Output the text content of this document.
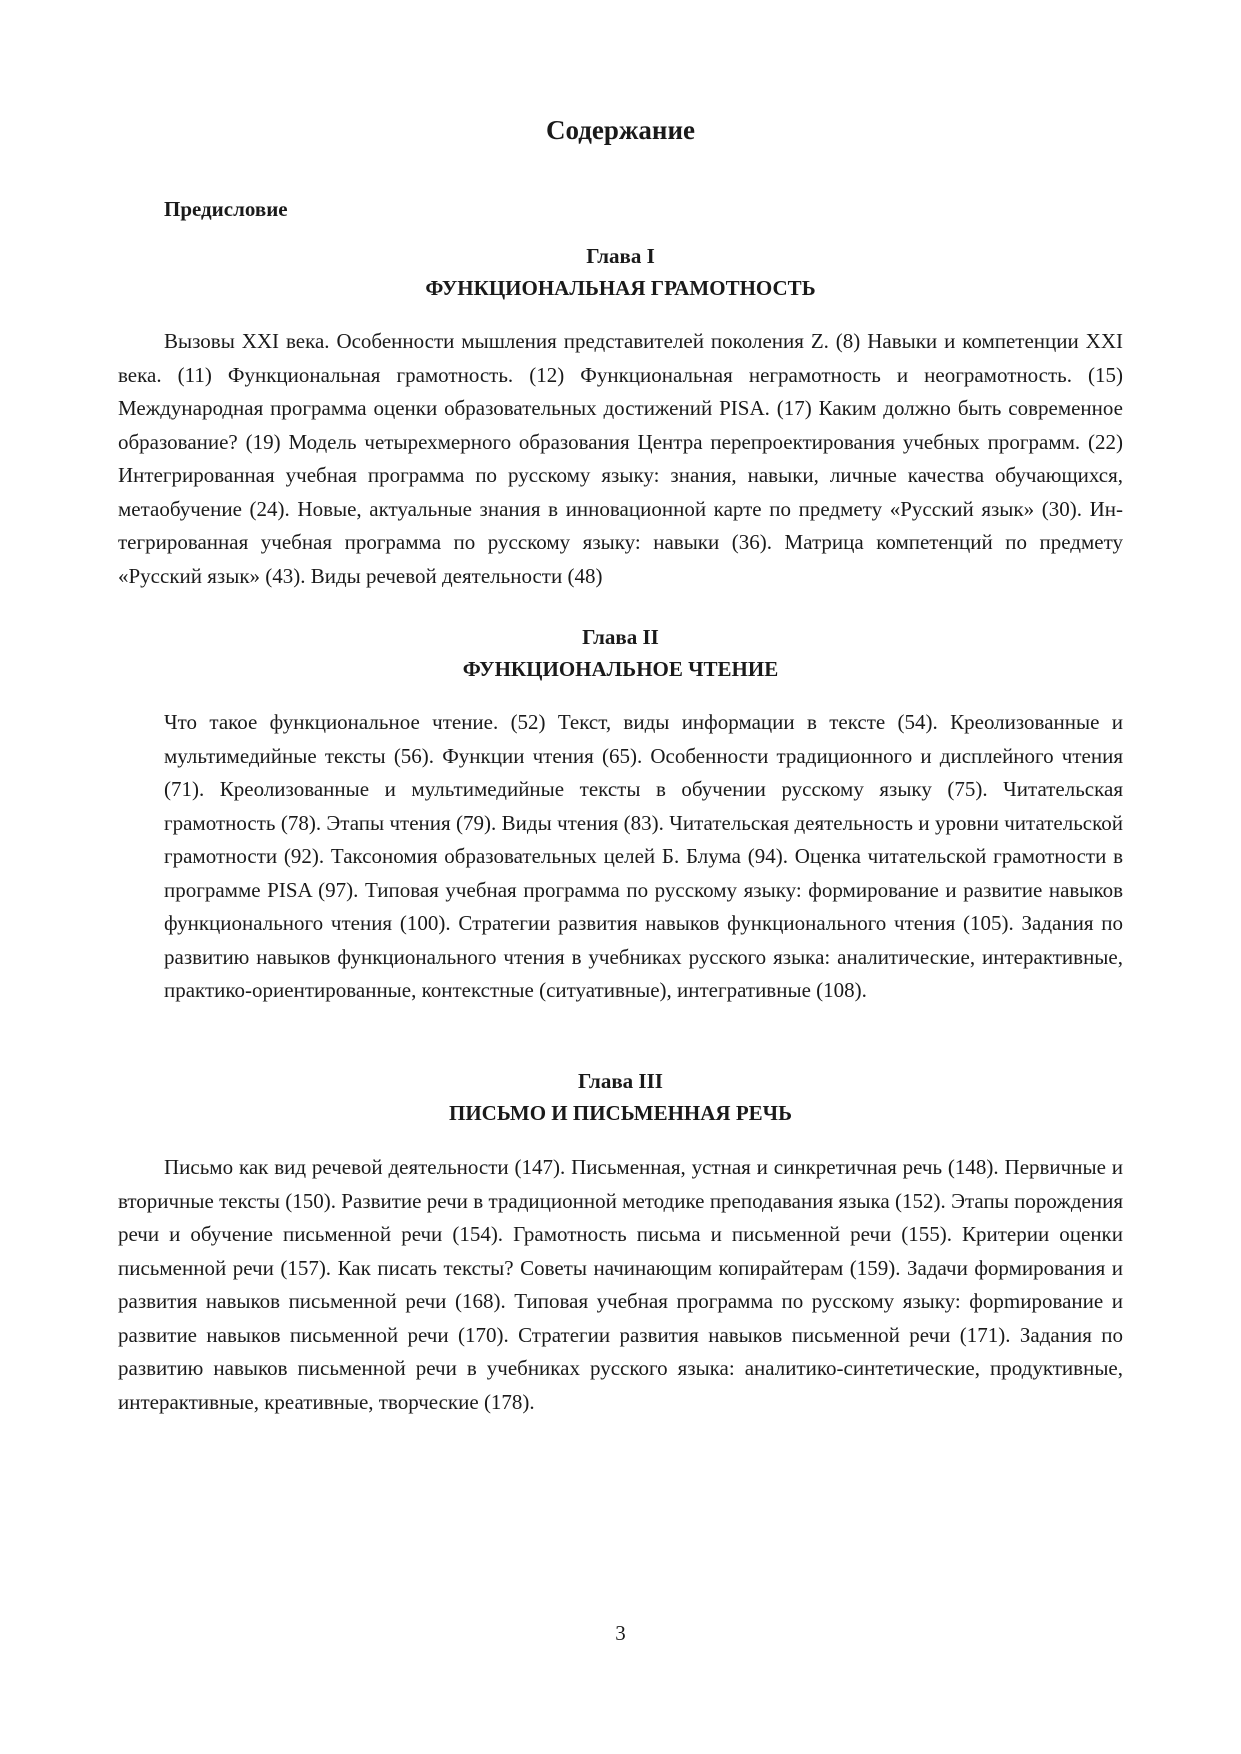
Содержание

Предисловие

Глава I
ФУНКЦИОНАЛЬНАЯ ГРАМОТНОСТЬ

Вызовы XXI века. Особенности мышления представителей поколения Z. (8) Навыки и компетенции XXI века. (11) Функциональная грамотность. (12) Функциональная неграмотность и неограмотность. (15) Международная программа оценки образовательных достижений PISA. (17) Каким должно быть современное образование? (19) Модель четырехмерного образования Центра перепроектирования учебных программ. (22) Интегрированная учебная программа по русскому языку: знания, навыки, личные качества обучающихся, метаобучение (24). Новые, актуальные знания в инновационной карте по предмету «Русский язык» (30). Интегрированная учебная программа по русскому языку: навыки (36). Матрица компетенций по предмету «Русский язык» (43). Виды речевой деятельности (48)

Глава II
ФУНКЦИОНАЛЬНОЕ ЧТЕНИЕ

Что такое функциональное чтение. (52) Текст, виды информации в тексте (54). Креолизованные и мультимедийные тексты (56). Функции чтения (65). Особенности традиционного и дисплейного чтения (71). Креолизованные и мультимедийные тексты в обучении русскому языку (75). Читательская грамотность (78). Этапы чтения (79). Виды чтения (83). Читательская деятельность и уровни читательской грамотности (92). Таксономия образовательных целей Б. Блума (94). Оценка читательской грамотности в программе PISA (97). Типовая учебная программа по русскому языку: формирование и развитие навыков функционального чтения (100). Стратегии развития навыков функционального чтения (105). Задания по развитию навыков функционального чтения в учебниках русского языка: аналитические, интерактивные, практико-ориентированные, контекстные (ситуативные), интегративные (108).

Глава III
ПИСЬМО И ПИСЬМЕННАЯ РЕЧЬ

Письмо как вид речевой деятельности (147). Письменная, устная и синкретичная речь (148). Первичные и вторичные тексты (150). Развитие речи в традиционной методике преподавания языка (152). Этапы порождения речи и обучение письменной речи (154). Грамотность письма и письменной речи (155). Критерии оценки письменной речи (157). Как писать тексты? Советы начинающим копирайтерам (159). Задачи формирования и развития навыков письменной речи (168). Типовая учебная программа по русскому языку: форmирование и развитие навыков письменной речи (170). Стратегии развития навыков письменной речи (171). Задания по развитию навыков письменной речи в учебниках русского языка: аналитико-синтетические, продуктивные, интерактивные, креативные, творческие (178).

3
